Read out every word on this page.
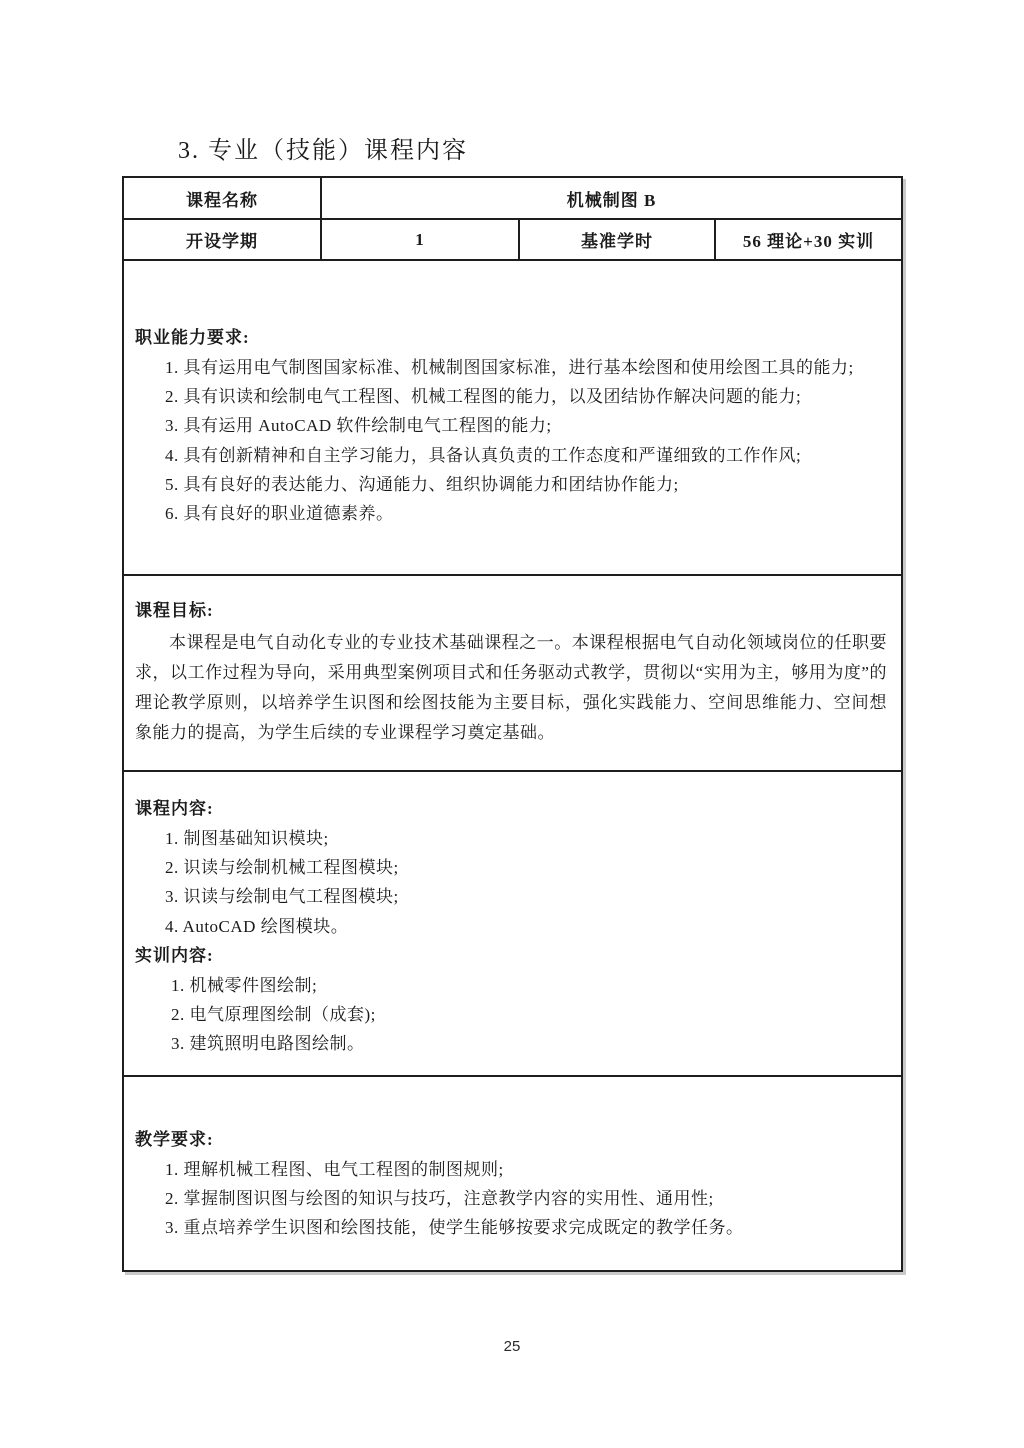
3. 专业（技能）课程内容
课程名称	机械制图 B
开设学期	1	基准学时	56 理论+30 实训
职业能力要求:
1. 具有运用电气制图国家标准、机械制图国家标准，进行基本绘图和使用绘图工具的能力;
2. 具有识读和绘制电气工程图、机械工程图的能力，以及团结协作解决问题的能力;
3. 具有运用 AutoCAD 软件绘制电气工程图的能力;
4. 具有创新精神和自主学习能力，具备认真负责的工作态度和严谨细致的工作作风;
5. 具有良好的表达能力、沟通能力、组织协调能力和团结协作能力;
6. 具有良好的职业道德素养。
课程目标:
本课程是电气自动化专业的专业技术基础课程之一。本课程根据电气自动化领域岗位的任职要求，以工作过程为导向，采用典型案例项目式和任务驱动式教学，贯彻以“实用为主，够用为度”的理论教学原则，以培养学生识图和绘图技能为主要目标，强化实践能力、空间思维能力、空间想象能力的提高，为学生后续的专业课程学习奠定基础。
课程内容:
1. 制图基础知识模块;
2. 识读与绘制机械工程图模块;
3. 识读与绘制电气工程图模块;
4. AutoCAD 绘图模块。
实训内容:
1. 机械零件图绘制;
2. 电气原理图绘制（成套);
3. 建筑照明电路图绘制。
教学要求:
1. 理解机械工程图、电气工程图的制图规则;
2. 掌握制图识图与绘图的知识与技巧，注意教学内容的实用性、通用性;
3. 重点培养学生识图和绘图技能，使学生能够按要求完成既定的教学任务。
25
